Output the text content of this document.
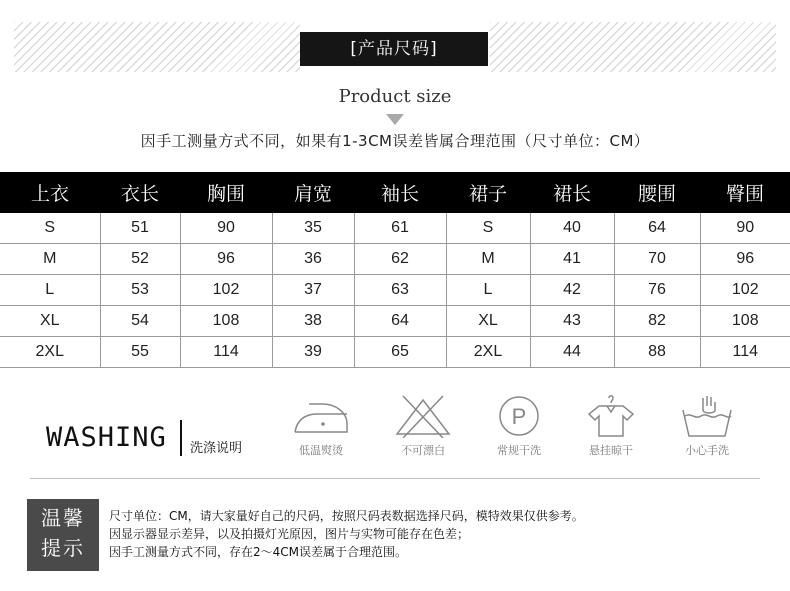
[产品尺码]
Product size
因手工测量方式不同，如果有1-3CM误差皆属合理范围（尺寸单位：CM）
上衣	衣长	胸围	肩宽	袖长	裙子	裙长	腰围	臀围
S	51	90	35	61	S	40	64	90
M	52	96	36	62	M	41	70	96
L	53	102	37	63	L	42	76	102
XL	54	108	38	64	XL	43	82	108
2XL	55	114	39	65	2XL	44	88	114
WASHING 洗涤说明	低温熨烫	不可漂白
P
常规干洗	悬挂晾干	小心手洗
温馨
提示
尺寸单位：CM，请大家量好自己的尺码，按照尺码表数据选择尺码，模特效果仅供参考。
因显示器显示差异，以及拍摄灯光原因，图片与实物可能存在色差；
因手工测量方式不同，存在2～4CM误差属于合理范围。
